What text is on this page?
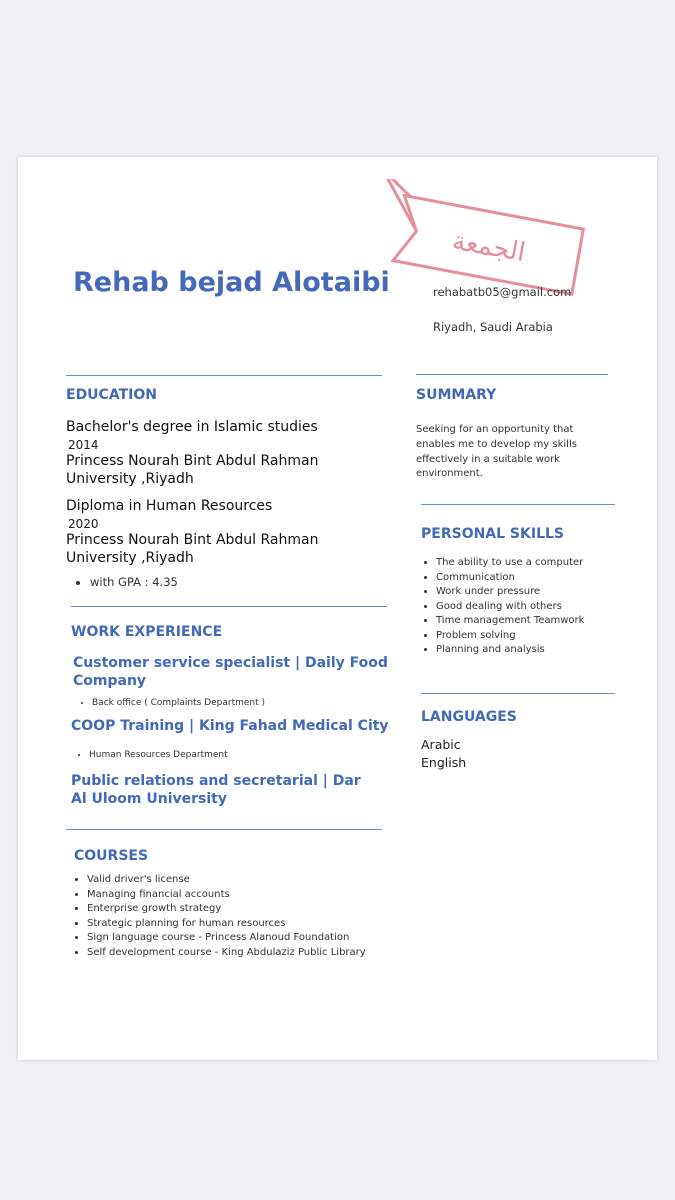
الجمعة
Rehab bejad Alotaibi	rehabatb05@gmail.com
Riyadh, Saudi Arabia
EDUCATION
Bachelor's degree in Islamic studies
2014
Princess Nourah Bint Abdul Rahman
University ,Riyadh
Diploma in Human Resources
2020
Princess Nourah Bint Abdul Rahman
University ,Riyadh
• with GPA : 4.35
WORK EXPERIENCE
Customer service specialist | Daily Food
Company
• Back office ( Complaints Department )
COOP Training | King Fahad Medical City
• Human Resources Department
Public relations and secretarial | Dar
Al Uloom University
COURSES
• Valid driver's license
• Managing financial accounts
• Enterprise growth strategy
• Strategic planning for human resources
• Sign language course - Princess Alanoud Foundation
• Self development course - King Abdulaziz Public Library
SUMMARY
Seeking for an opportunity that enables me to develop my skills effectively in a suitable work environment.
PERSONAL SKILLS
• The ability to use a computer
• Communication
• Work under pressure
• Good dealing with others
• Time management Teamwork
• Problem solving
• Planning and analysis
LANGUAGES
Arabic
English
